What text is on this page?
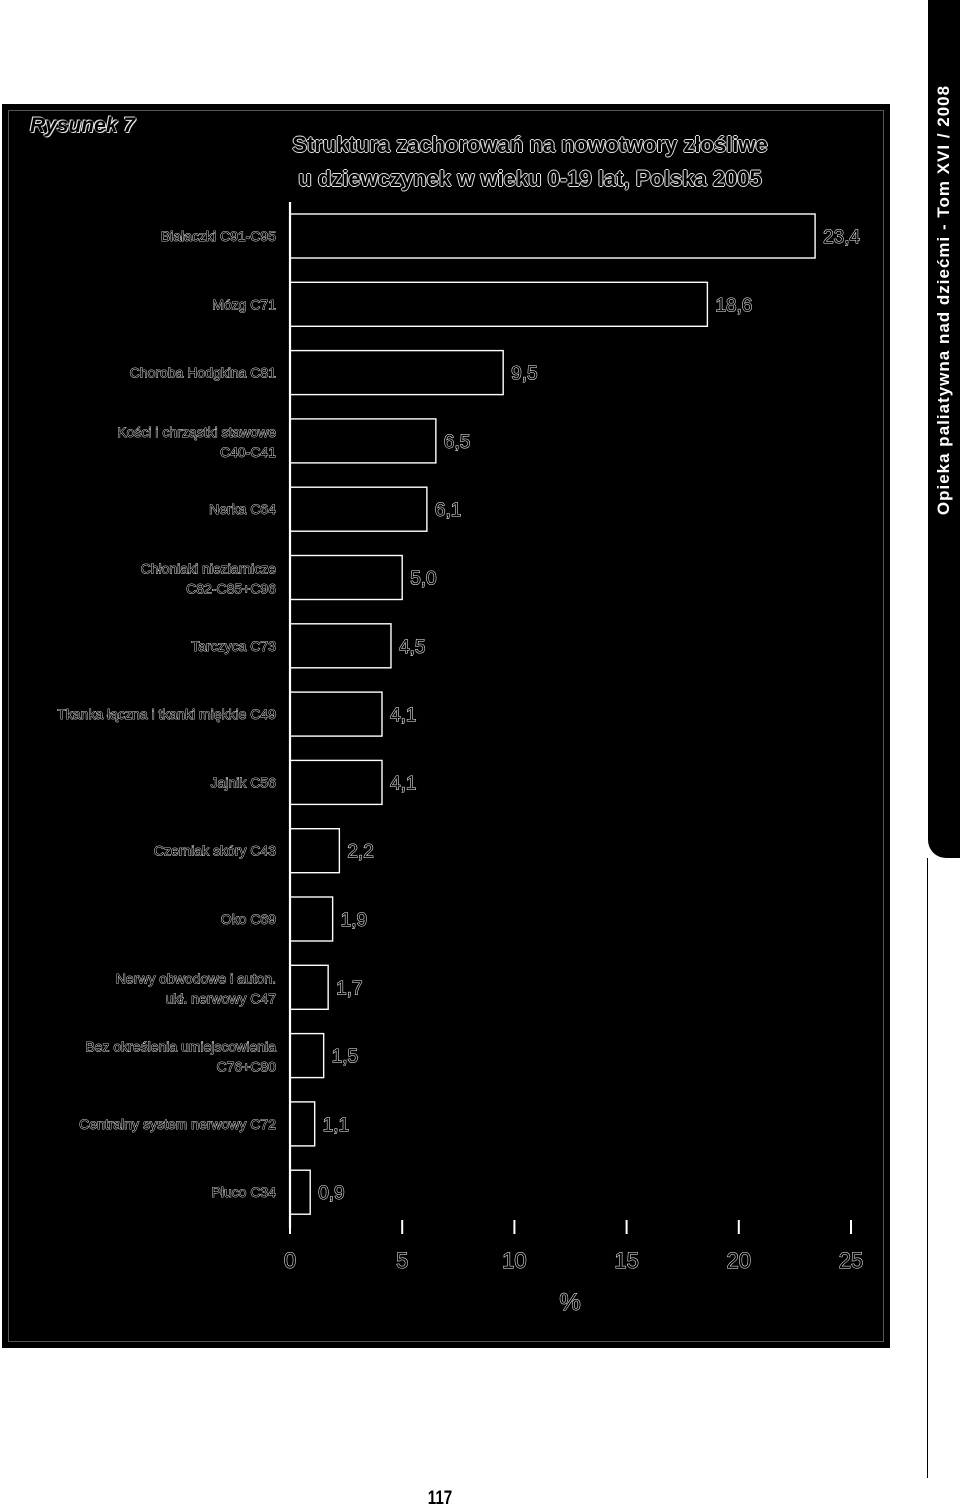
Rysunek 7
Struktura zachorowań na nowotwory złośliwe
u dziewczynek w wieku 0-19 lat, Polska 2005
23,4
Białaczki C91-C95
18,6
Mózg C71
9,5
Choroba Hodgkina C81
6,5
Kości i chrząstki stawowe
C40-C41
6,1
Nerka C64
5,0
Chłoniaki nieziarnicze
C82-C85+C96
4,5
Tarczyca C73
4,1
Tkanka łączna i tkanki miękkie C49
4,1
Jajnik C56
2,2
Czerniak skóry C43
1,9
Oko C69
1,7
Nerwy obwodowe i auton.
ukł. nerwowy C47
1,5
Bez określenia umiejscowienia
C76+C80
1,1
Centralny system nerwowy C72
0,9
Płuco C34
0	5	10	15	20	25
%
Opieka paliatywna nad dziećmi - Tom XVI / 2008
117
